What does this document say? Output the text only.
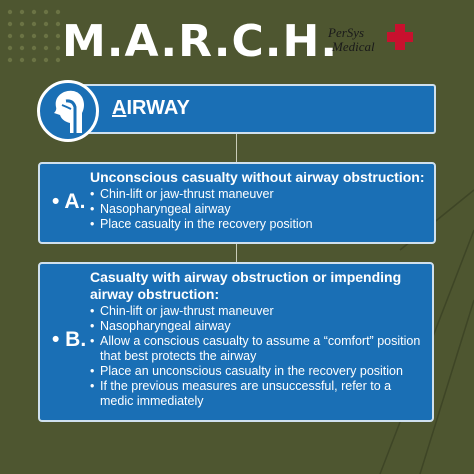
M.A.R.C.H.
PerSys
Medical
AIRWAY
• A.
Unconscious casualty without airway obstruction:
• Chin-lift or jaw-thrust maneuver
• Nasopharyngeal airway
• Place casualty in the recovery position
• B.
Casualty with airway obstruction or impending airway obstruction:
• Chin-lift or jaw-thrust maneuver
• Nasopharyngeal airway
• Allow a conscious casualty to assume a “comfort” position that best protects the airway
• Place an unconscious casualty in the recovery position
• If the previous measures are unsuccessful, refer to a medic immediately
